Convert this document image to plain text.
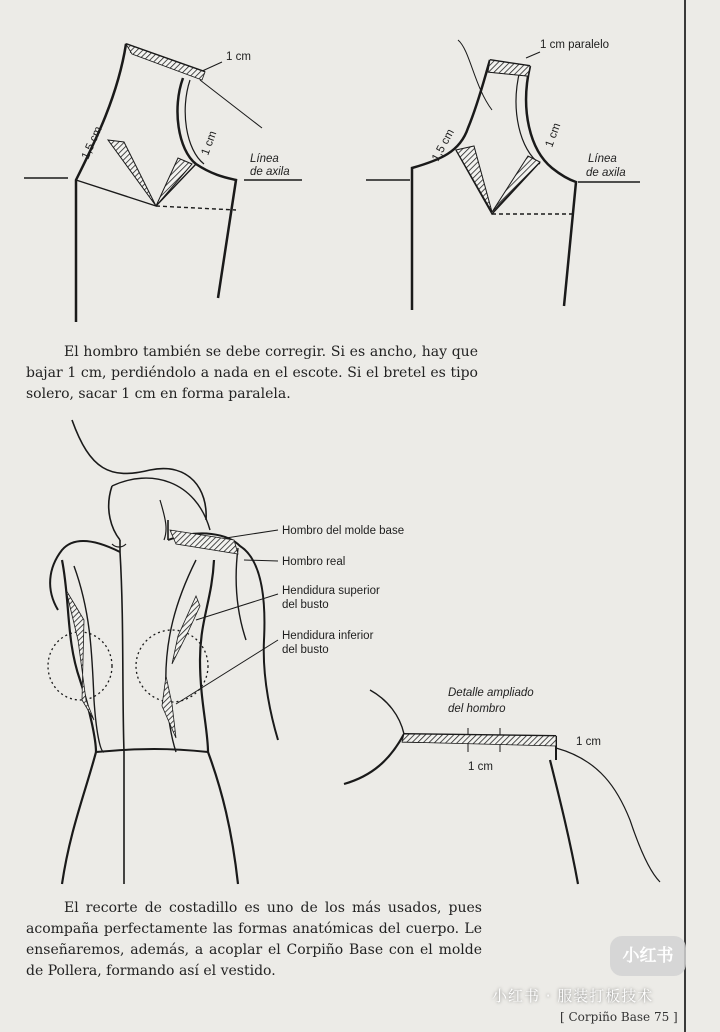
1 cm
1,5 cm	1 cm
Línea
de axila
1 cm paralelo
1,5 cm	1 cm
Línea
de axila
Hombro del molde base
Hombro real
Hendidura superior
del busto
Hendidura inferior
del busto
Detalle ampliado
del hombro
1 cm
1 cm

El hombro también se debe corregir. Si es ancho, hay que bajar 1 cm, perdiéndolo a nada en el escote. Si el bretel es tipo solero, sacar 1 cm en forma paralela.

El recorte de costadillo es uno de los más usados, pues acompaña perfectamente las formas anatómicas del cuerpo. Le enseñaremos, además, a acoplar el Corpiño Base con el molde de Pollera, formando así el vestido.

小红书
小红书 · 服装打板技术
[ Corpiño Base 75 ]
